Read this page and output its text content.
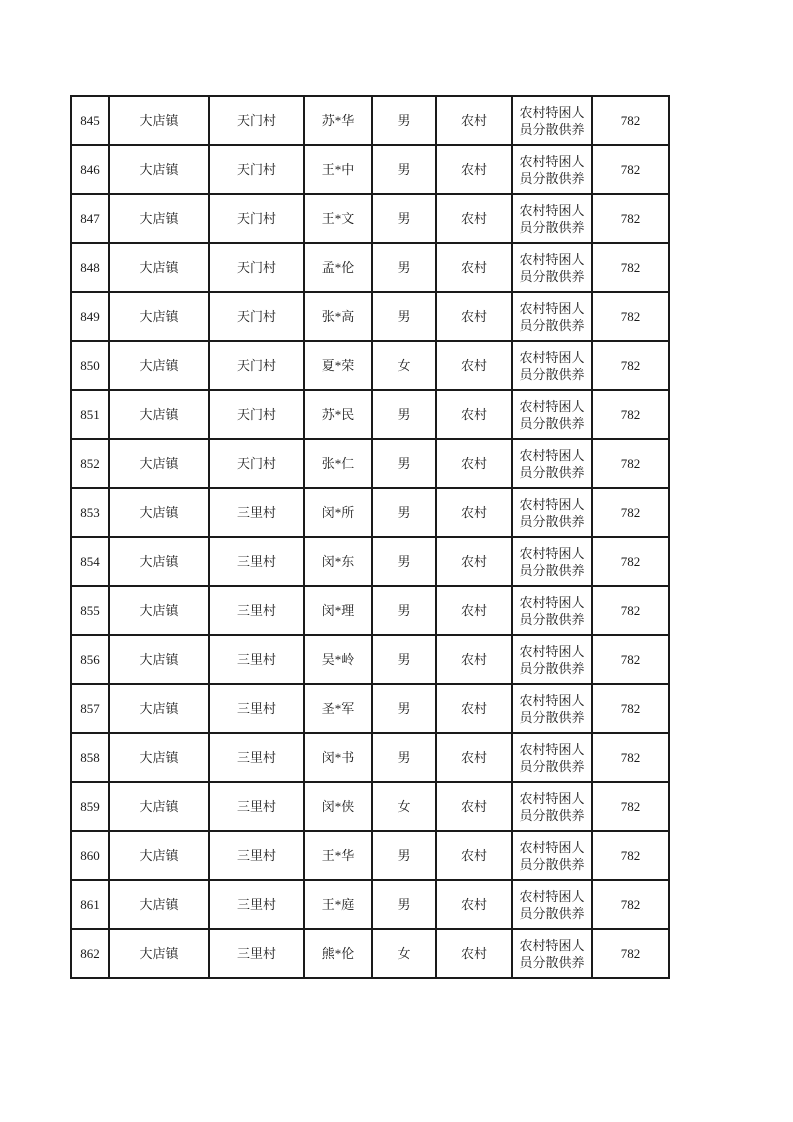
845	大店镇	天门村	苏*华	男	农村	农村特困人员分散供养	782
846	大店镇	天门村	王*中	男	农村	农村特困人员分散供养	782
847	大店镇	天门村	王*文	男	农村	农村特困人员分散供养	782
848	大店镇	天门村	孟*伦	男	农村	农村特困人员分散供养	782
849	大店镇	天门村	张*高	男	农村	农村特困人员分散供养	782
850	大店镇	天门村	夏*荣	女	农村	农村特困人员分散供养	782
851	大店镇	天门村	苏*民	男	农村	农村特困人员分散供养	782
852	大店镇	天门村	张*仁	男	农村	农村特困人员分散供养	782
853	大店镇	三里村	闵*所	男	农村	农村特困人员分散供养	782
854	大店镇	三里村	闵*东	男	农村	农村特困人员分散供养	782
855	大店镇	三里村	闵*理	男	农村	农村特困人员分散供养	782
856	大店镇	三里村	吴*岭	男	农村	农村特困人员分散供养	782
857	大店镇	三里村	圣*军	男	农村	农村特困人员分散供养	782
858	大店镇	三里村	闵*书	男	农村	农村特困人员分散供养	782
859	大店镇	三里村	闵*侠	女	农村	农村特困人员分散供养	782
860	大店镇	三里村	王*华	男	农村	农村特困人员分散供养	782
861	大店镇	三里村	王*庭	男	农村	农村特困人员分散供养	782
862	大店镇	三里村	熊*伦	女	农村	农村特困人员分散供养	782
